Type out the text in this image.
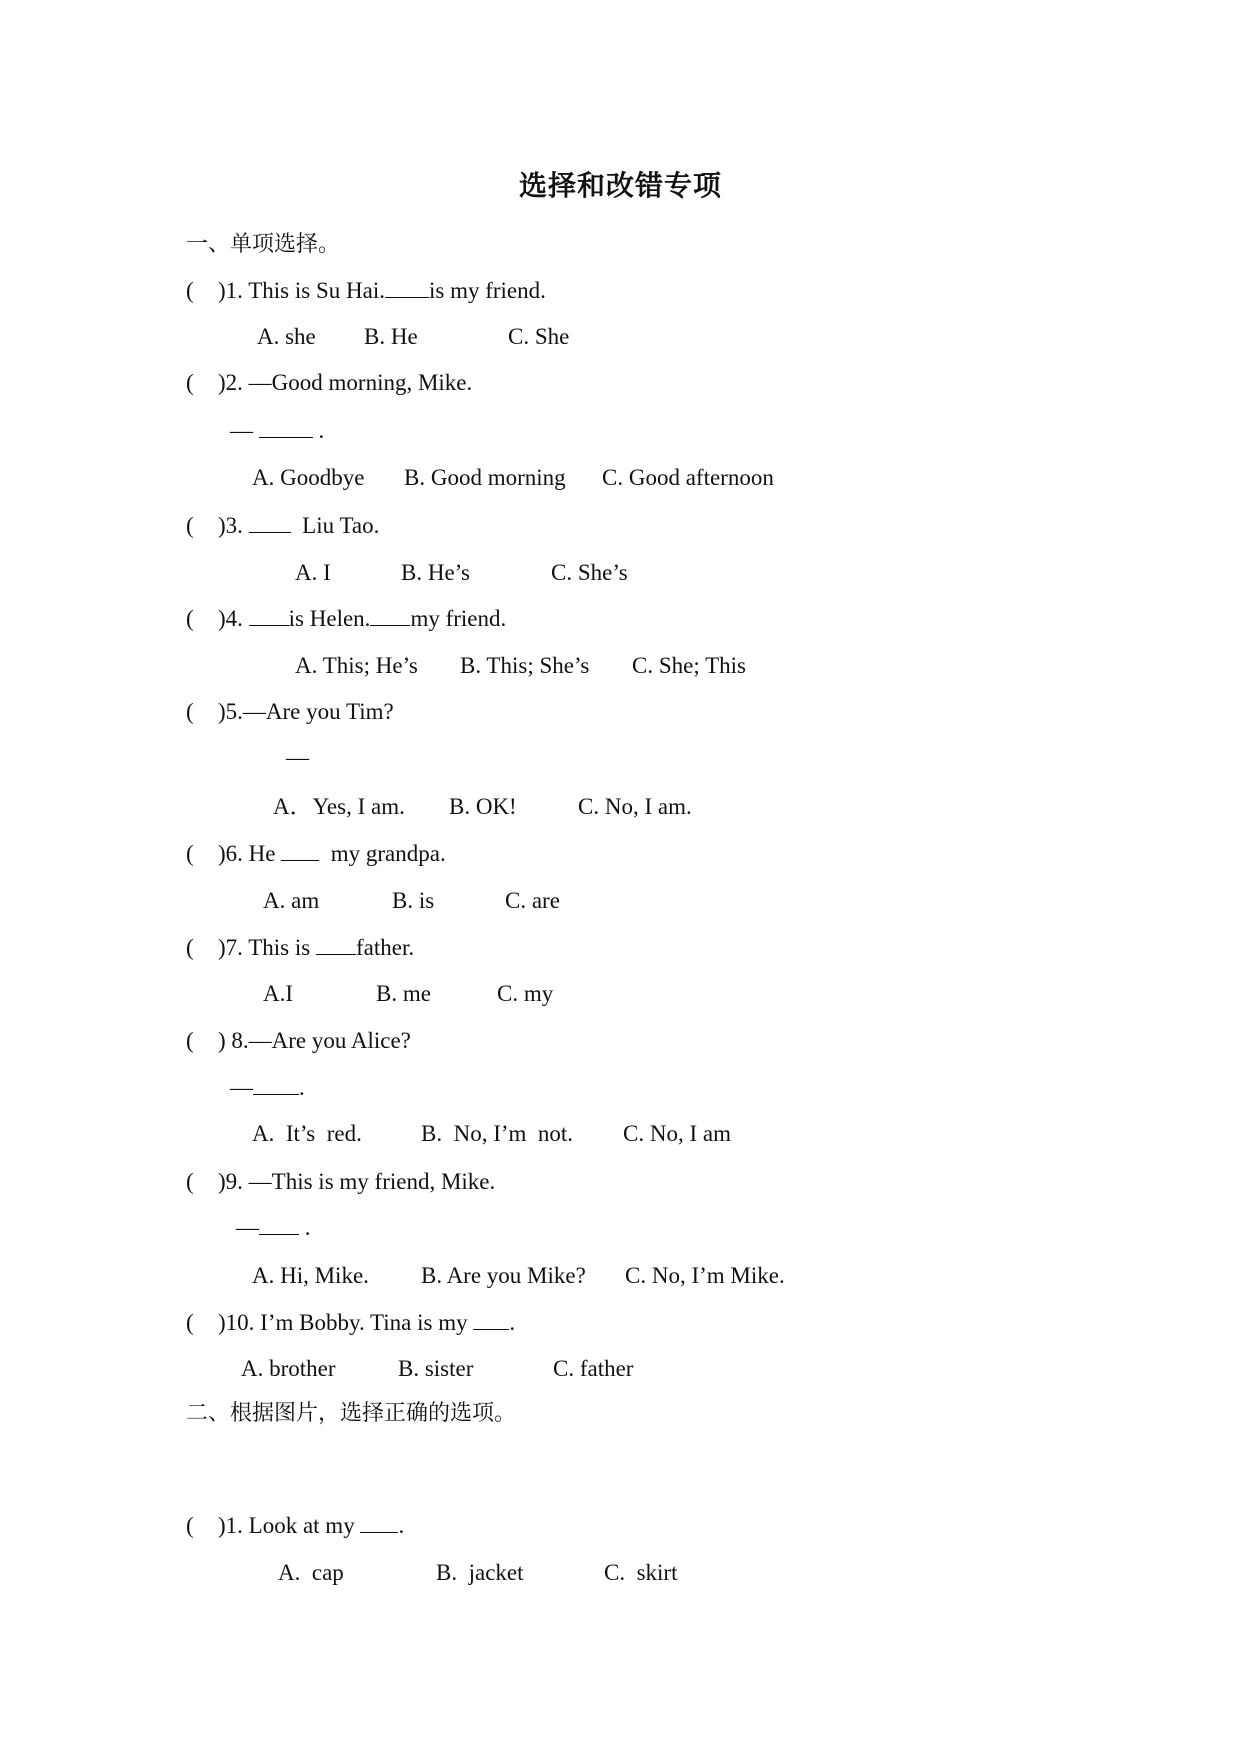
选择和改错专项
一、单项选择。
( )1. This is Su Hai. is my friend.
A. she B. He	C. She
( )2. —Good morning, Mike.
—	.
A. Goodbye B. Good morning C. Good afternoon
( )3.	Liu Tao.
A. I	B. He’s	C. She’s
( )4. is Helen. my friend.
A. This; He’s B. This; She’s C. She; This
( )5.—Are you Tim?
—
A．Yes, I am. B. OK!	C. No, I am.
( )6. He my grandpa.
A. am	B. is	C. are
( )7. This is father.
A.I	B. me	C. my
( ) 8.—Are you Alice?
— .
A.  It’s  red.	B.  No, I’m  not. C. No, I am
( )9. —This is my friend, Mike.
— .
A. Hi, Mike. B. Are you Mike? C. No, I’m Mike.
( )10. I’m Bobby. Tina is my .
A. brother	B. sister	C. father
二、根据图片，选择正确的选项。
( )1. Look at my .
A.  cap	B.  jacket	C.  skirt
